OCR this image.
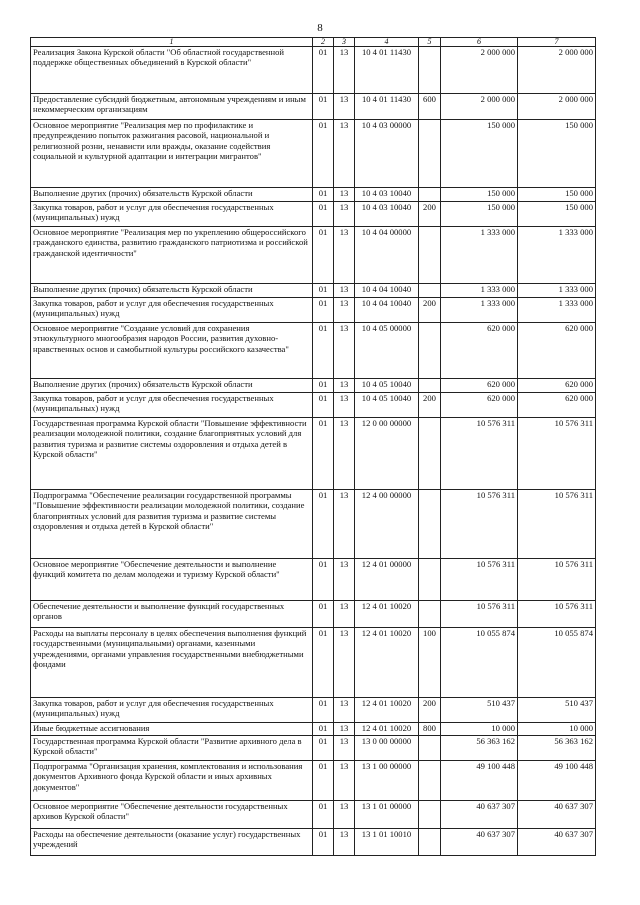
8
1	2	3	4	5	6	7
Реализация Закона Курской области "Об областной государственной поддержке общественных объединений в Курской области"	01	13	10 4 01 11430		2 000 000	2 000 000
Предоставление субсидий бюджетным, автономным учреждениям и иным некоммерческим организациям	01	13	10 4 01 11430	600	2 000 000	2 000 000
Основное мероприятие "Реализация мер по профилактике и предупреждению попыток разжигания расовой, национальной и религиозной розни, ненависти или вражды, оказание содействия социальной и культурной адаптации и интеграции мигрантов"	01	13	10 4 03 00000		150 000	150 000
Выполнение других (прочих) обязательств Курской области	01	13	10 4 03 10040		150 000	150 000
Закупка товаров, работ и услуг для обеспечения государственных (муниципальных) нужд	01	13	10 4 03 10040	200	150 000	150 000
Основное мероприятие "Реализация мер по укреплению общероссийского гражданского единства, развитию гражданского патриотизма и российской гражданской идентичности"	01	13	10 4 04 00000		1 333 000	1 333 000
Выполнение других (прочих) обязательств Курской области	01	13	10 4 04 10040		1 333 000	1 333 000
Закупка товаров, работ и услуг для обеспечения государственных (муниципальных) нужд	01	13	10 4 04 10040	200	1 333 000	1 333 000
Основное мероприятие "Создание условий для сохранения этнокультурного многообразия народов России, развития духовно-нравственных основ и самобытной культуры российского казачества"	01	13	10 4 05 00000		620 000	620 000
Выполнение других (прочих) обязательств Курской области	01	13	10 4 05 10040		620 000	620 000
Закупка товаров, работ и услуг для обеспечения государственных (муниципальных) нужд	01	13	10 4 05 10040	200	620 000	620 000
Государственная программа Курской области "Повышение эффективности реализации молодежной политики, создание благоприятных условий для развития туризма и развитие системы оздоровления и отдыха детей в Курской области"	01	13	12 0 00 00000		10 576 311	10 576 311
Подпрограмма "Обеспечение реализации государственной программы "Повышение эффективности реализации молодежной политики, создание благоприятных условий для развития туризма и развитие системы оздоровления и отдыха детей в Курской области"	01	13	12 4 00 00000		10 576 311	10 576 311
Основное мероприятие "Обеспечение деятельности и выполнение функций комитета по делам молодежи и туризму Курской области"	01	13	12 4 01 00000		10 576 311	10 576 311
Обеспечение деятельности и выполнение функций государственных органов	01	13	12 4 01 10020		10 576 311	10 576 311
Расходы на выплаты персоналу в целях обеспечения выполнения функций государственными (муниципальными) органами, казенными учреждениями, органами управления государственными внебюджетными фондами	01	13	12 4 01 10020	100	10 055 874	10 055 874
Закупка товаров, работ и услуг для обеспечения государственных (муниципальных) нужд	01	13	12 4 01 10020	200	510 437	510 437
Иные бюджетные ассигнования	01	13	12 4 01 10020	800	10 000	10 000
Государственная программа Курской области "Развитие архивного дела в Курской области"	01	13	13 0 00 00000		56 363 162	56 363 162
Подпрограмма "Организация хранения, комплектования и использования документов Архивного фонда Курской области и иных архивных документов"	01	13	13 1 00 00000		49 100 448	49 100 448
Основное мероприятие "Обеспечение деятельности государственных архивов Курской области"	01	13	13 1 01 00000		40 637 307	40 637 307
Расходы на обеспечение деятельности (оказание услуг) государственных учреждений	01	13	13 1 01 10010		40 637 307	40 637 307
